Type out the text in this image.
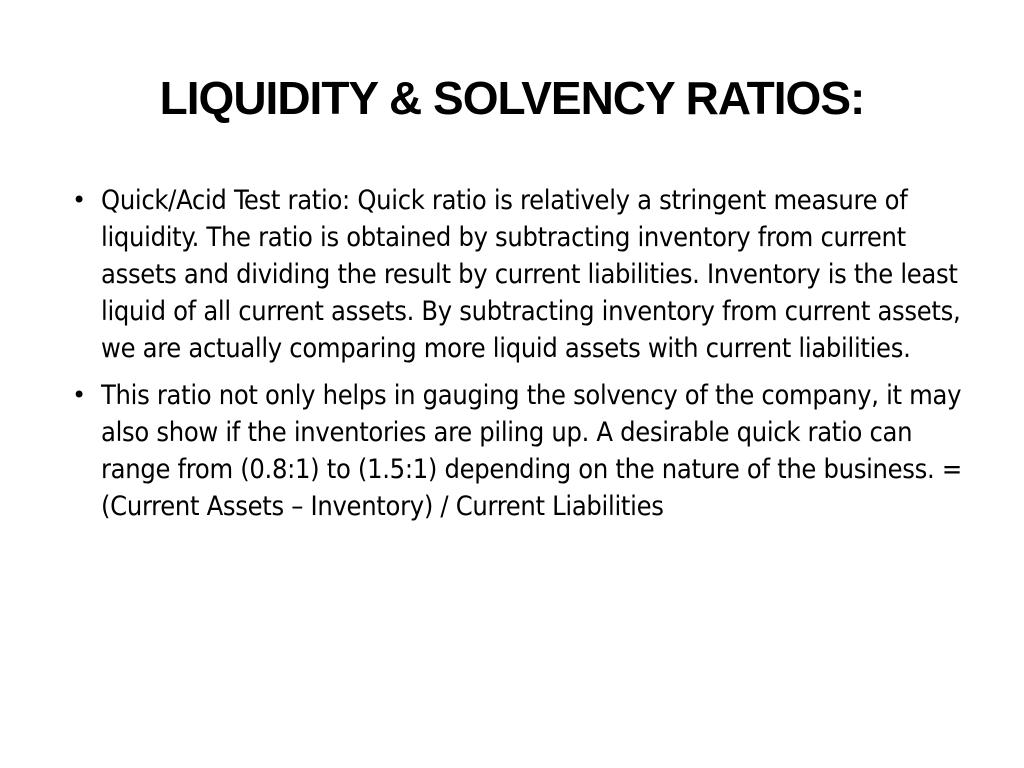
LIQUIDITY & SOLVENCY RATIOS:
• Quick/Acid Test ratio: Quick ratio is relatively a stringent measure of liquidity. The ratio is obtained by subtracting inventory from current assets and dividing the result by current liabilities. Inventory is the least liquid of all current assets. By subtracting inventory from current assets, we are actually comparing more liquid assets with current liabilities.
• This ratio not only helps in gauging the solvency of the company, it may also show if the inventories are piling up. A desirable quick ratio can range from (0.8:1) to (1.5:1) depending on the nature of the business. = (Current Assets – Inventory) / Current Liabilities
